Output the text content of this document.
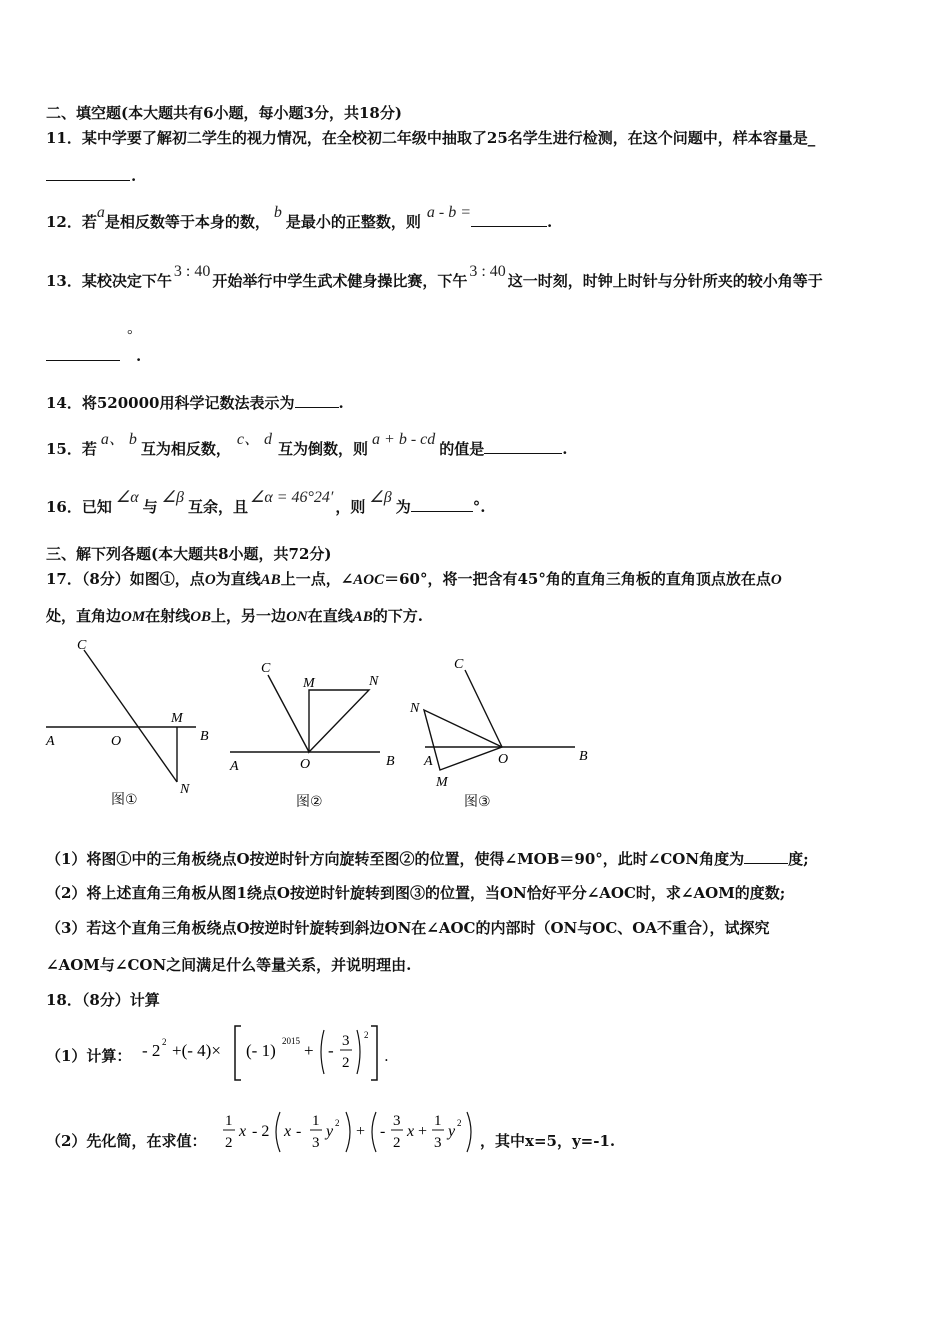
二、填空题(本大题共有6小题，每小题3分，共18分)
11．某中学要了解初二学生的视力情况，在全校初二年级中抽取了25名学生进行检测，在这个问题中，样本容量是_
.
12．若a是相反数等于本身的数，b是最小的正整数，则a - b =.
13．某校决定下午3 : 40开始举行中学生武术健身操比赛，下午3 : 40这一时刻，时钟上时针与分针所夹的较小角等于
°
.
14．将520000用科学记数法表示为	.
15．若a、 b互为相反数，c、 d互为倒数，则a + b - cd的值是	.
16．已知∠α与∠β互余，且∠α = 46°24′，则∠β为	°.
三、解下列各题(本大题共8小题，共72分)
17．（8分）如图①，点O为直线AB上一点，∠AOC＝60°，将一把含有45°角的直角三角板的直角顶点放在点O
处，直角边OM在射线OB上，另一边ON在直线AB的下方.
C
M
A	O	B
N
C
M	N
A	O	B
C
N
A
M
O	B
图①	图②	图③
（1）将图①中的三角板绕点O按逆时针方向旋转至图②的位置，使得∠MOB＝90°，此时∠CON角度为	度;
（2）将上述直角三角板从图1绕点O按逆时针旋转到图③的位置，当ON恰好平分∠AOC时，求∠AOM的度数;
（3）若这个直角三角板绕点O按逆时针旋转到斜边ON在∠AOC的内部时（ON与OC、OA不重合），试探究
∠AOM与∠CON之间满足什么等量关系，并说明理由.
18．（8分）计算
（1）计算：
- 2² + (- 4) × [ (- 1)²⁰¹⁵ + (- 3/2)² ]
- 2 2 +(- 4)× (- 1) 2015 + - 3
2
2
.
（2）先化简，在求值：
1/2 x - 2(x - 1/3 y²) + (- 3/2 x + 1/3 y²)
1
2
x - 2 x -
1
3
y 2 + -
3
2
x +
1
3
y 2
，其中x=5，y=-1.
